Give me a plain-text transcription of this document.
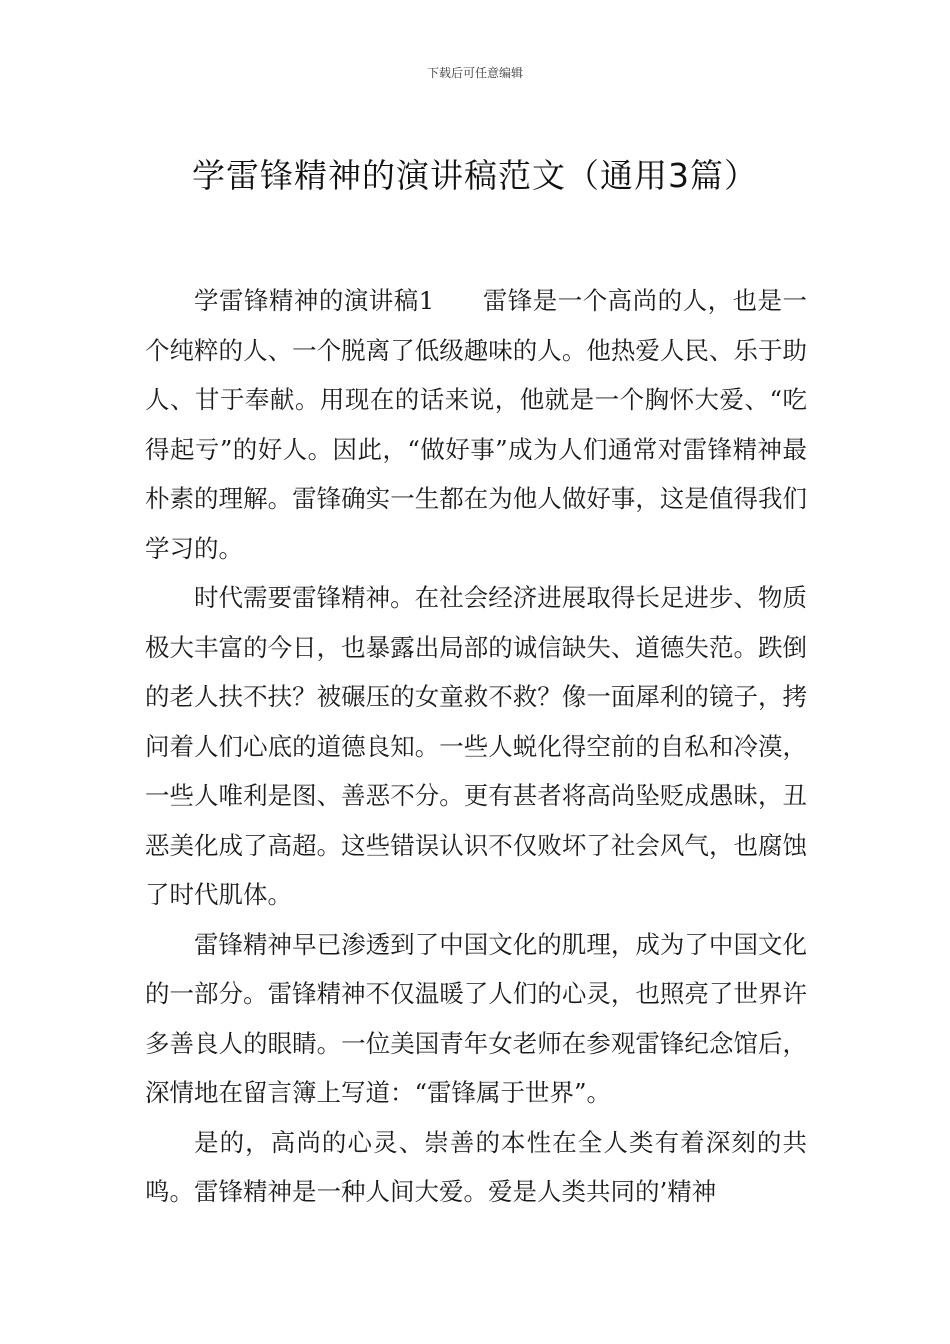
下载后可任意编辑
学雷锋精神的演讲稿范文（通用3篇）

学雷锋精神的演讲稿1 雷锋是一个高尚的人，也是一个纯粹的人、一个脱离了低级趣味的人。他热爱人民、乐于助人、甘于奉献。用现在的话来说，他就是一个胸怀大爱、“吃得起亏”的好人。因此，“做好事”成为人们通常对雷锋精神最朴素的理解。雷锋确实一生都在为他人做好事，这是值得我们学习的。

时代需要雷锋精神。在社会经济进展取得长足进步、物质极大丰富的今日，也暴露出局部的诚信缺失、道德失范。跌倒的老人扶不扶？被碾压的女童救不救？像一面犀利的镜子，拷问着人们心底的道德良知。一些人蜕化得空前的自私和冷漠，一些人唯利是图、善恶不分。更有甚者将高尚坠贬成愚昧，丑恶美化成了高超。这些错误认识不仅败坏了社会风气，也腐蚀了时代肌体。

雷锋精神早已渗透到了中国文化的肌理，成为了中国文化的一部分。雷锋精神不仅温暖了人们的心灵，也照亮了世界许多善良人的眼睛。一位美国青年女老师在参观雷锋纪念馆后，深情地在留言簿上写道：“雷锋属于世界”。

是的，高尚的心灵、崇善的本性在全人类有着深刻的共鸣。雷锋精神是一种人间大爱。爱是人类共同的’精神
